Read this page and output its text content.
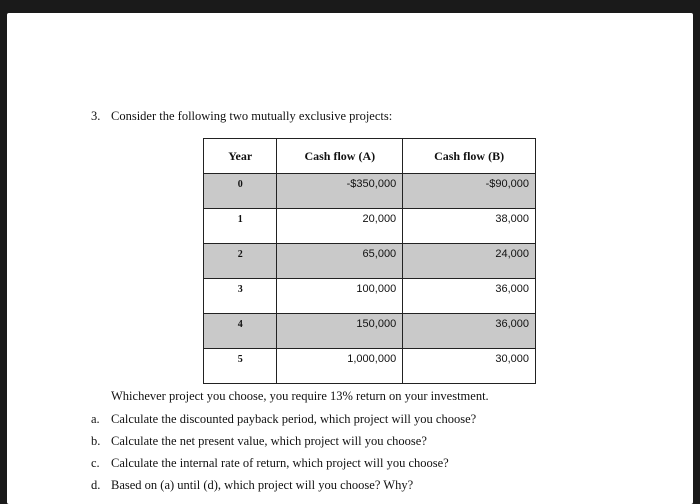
3. Consider the following two mutually exclusive projects:
Year	Cash flow (A)	Cash flow (B)

0	-$350,000	-$90,000

1	20,000	38,000

2	65,000	24,000

3	100,000	36,000

4	150,000	36,000

5	1,000,000	30,000
Whichever project you choose, you require 13% return on your investment.
a. Calculate the discounted payback period, which project will you choose?
b. Calculate the net present value, which project will you choose?
c. Calculate the internal rate of return, which project will you choose?
d. Based on (a) until (d), which project will you choose? Why?
